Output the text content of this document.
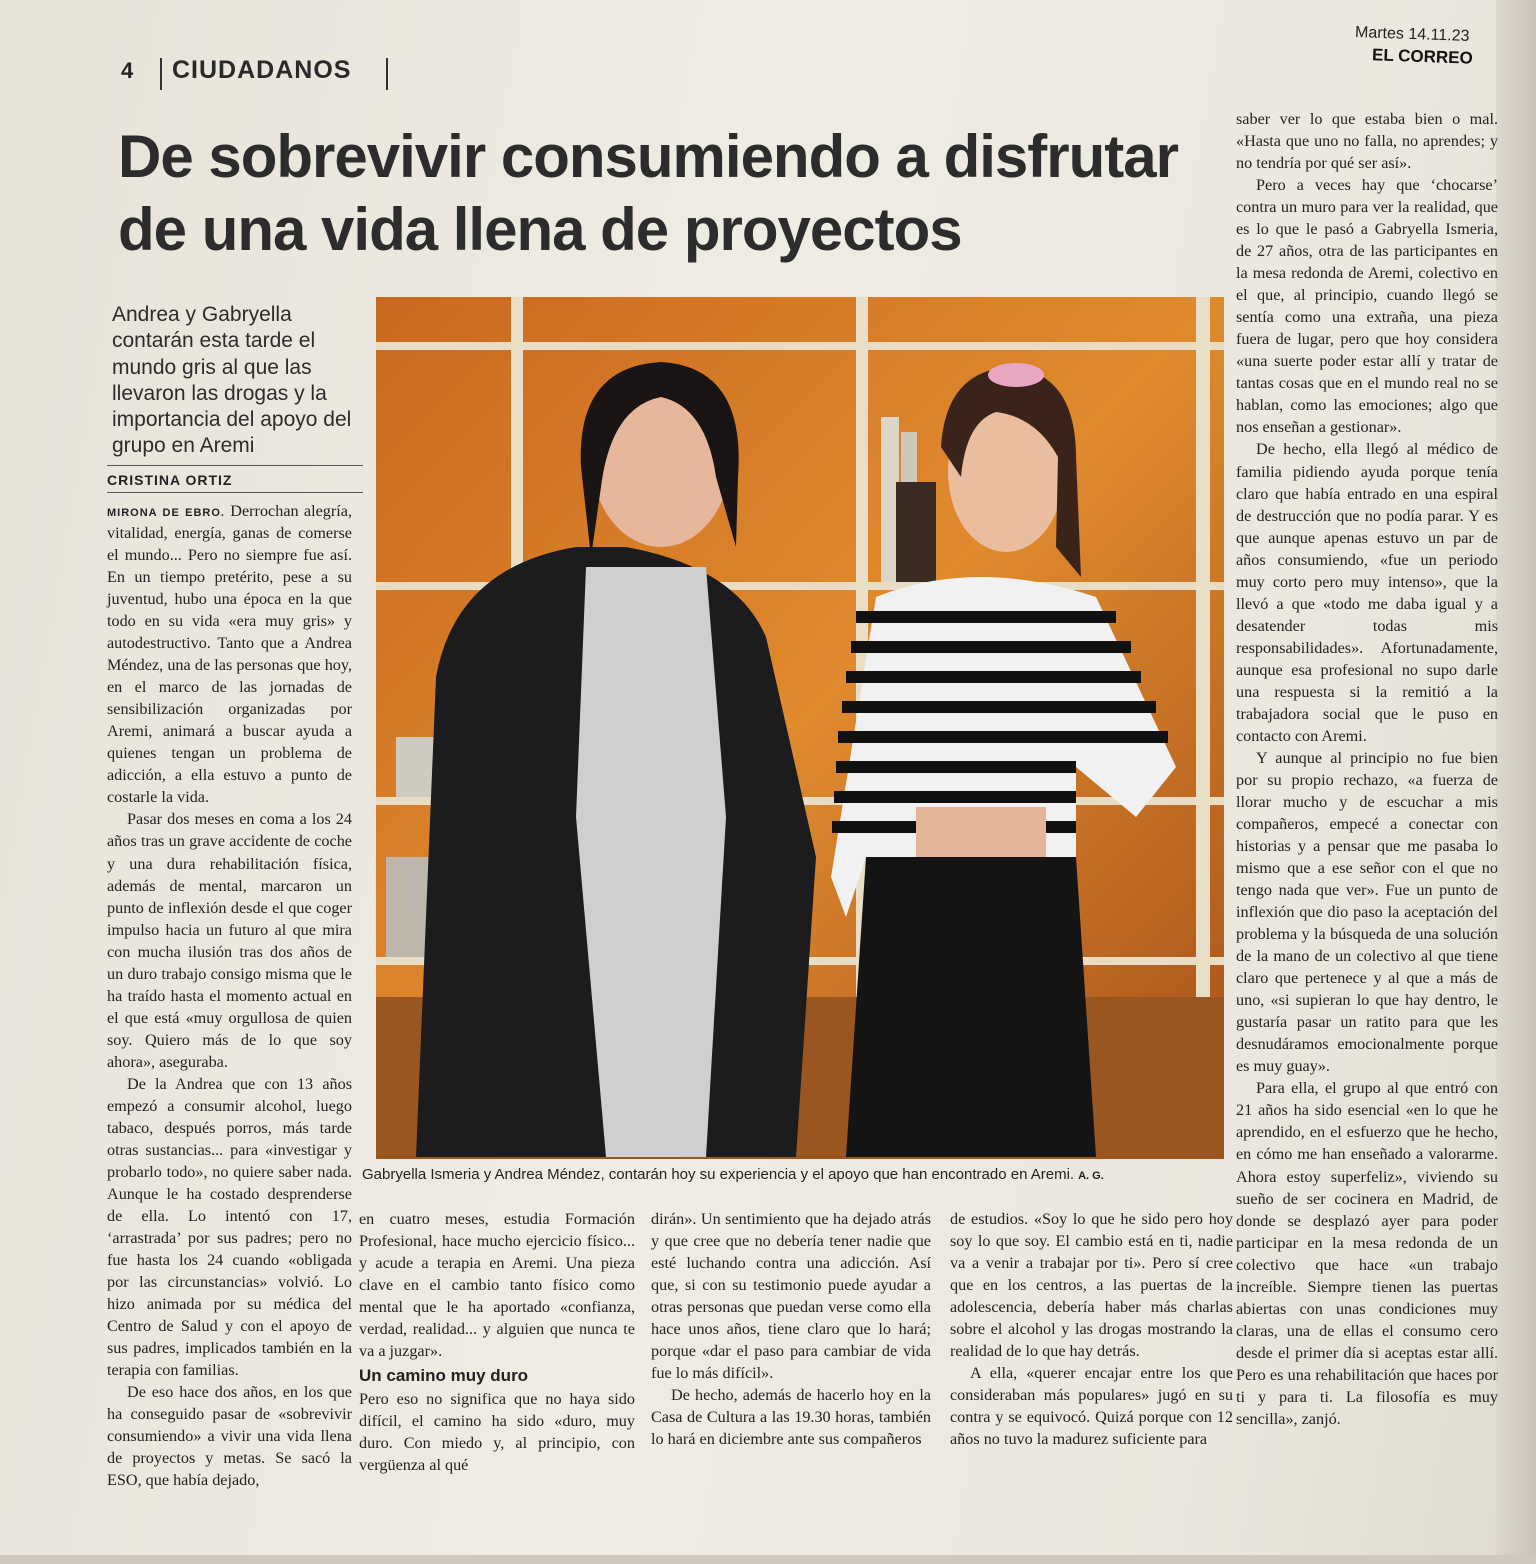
4 CIUDADANOS
Martes 14.11.23
EL CORREO
De sobrevivir consumiendo a disfrutar de una vida llena de proyectos

Andrea y Gabryella contarán esta tarde el mundo gris al que las llevaron las drogas y la importancia del apoyo del grupo en Aremi

CRISTINA ORTIZ

MIRONA DE EBRO. Derrochan alegría, vitalidad, energía, ganas de comerse el mundo... Pero no siempre fue así. En un tiempo pretérito, pese a su juventud, hubo una época en la que todo en su vida «era muy gris» y autodestructivo. Tanto que a Andrea Méndez, una de las personas que hoy, en el marco de las jornadas de sensibilización organizadas por Aremi, animará a buscar ayuda a quienes tengan un problema de adicción, a ella estuvo a punto de costarle la vida.

Pasar dos meses en coma a los 24 años tras un grave accidente de coche y una dura rehabilitación física, además de mental, marcaron un punto de inflexión desde el que coger impulso hacia un futuro al que mira con mucha ilusión tras dos años de un duro trabajo consigo misma que le ha traído hasta el momento actual en el que está «muy orgullosa de quien soy. Quiero más de lo que soy ahora», aseguraba.

De la Andrea que con 13 años empezó a consumir alcohol, luego tabaco, después porros, más tarde otras sustancias... para «investigar y probarlo todo», no quiere saber nada. Aunque le ha costado desprenderse de ella. Lo intentó con 17, ‘arrastrada’ por sus padres; pero no fue hasta los 24 cuando «obligada por las circunstancias» volvió. Lo hizo animada por su médica del Centro de Salud y con el apoyo de sus padres, implicados también en la terapia con familias.

De eso hace dos años, en los que ha conseguido pasar de «sobrevivir consumiendo» a vivir una vida llena de proyectos y metas. Se sacó la ESO, que había dejado,

Gabryella Ismeria y Andrea Méndez, contarán hoy su experiencia y el apoyo que han encontrado en Aremi. A. G.

en cuatro meses, estudia Formación Profesional, hace mucho ejercicio físico... y acude a terapia en Aremi. Una pieza clave en el cambio tanto físico como mental que le ha aportado «confianza, verdad, realidad... y alguien que nunca te va a juzgar».

Un camino muy duro

Pero eso no significa que no haya sido difícil, el camino ha sido «duro, muy duro. Con miedo y, al principio, con vergüenza al qué

dirán». Un sentimiento que ha dejado atrás y que cree que no debería tener nadie que esté luchando contra una adicción. Así que, si con su testimonio puede ayudar a otras personas que puedan verse como ella hace unos años, tiene claro que lo hará; porque «dar el paso para cambiar de vida fue lo más difícil».

De hecho, además de hacerlo hoy en la Casa de Cultura a las 19.30 horas, también lo hará en diciembre ante sus compañeros

de estudios. «Soy lo que he sido pero hoy soy lo que soy. El cambio está en ti, nadie va a venir a trabajar por ti». Pero sí cree que en los centros, a las puertas de la adolescencia, debería haber más charlas sobre el alcohol y las drogas mostrando la realidad de lo que hay detrás.

A ella, «querer encajar entre los que consideraban más populares» jugó en su contra y se equivocó. Quizá porque con 12 años no tuvo la madurez suficiente para

saber ver lo que estaba bien o mal. «Hasta que uno no falla, no aprendes; y no tendría por qué ser así».

Pero a veces hay que ‘chocarse’ contra un muro para ver la realidad, que es lo que le pasó a Gabryella Ismeria, de 27 años, otra de las participantes en la mesa redonda de Aremi, colectivo en el que, al principio, cuando llegó se sentía como una extraña, una pieza fuera de lugar, pero que hoy considera «una suerte poder estar allí y tratar de tantas cosas que en el mundo real no se hablan, como las emociones; algo que nos enseñan a gestionar».

De hecho, ella llegó al médico de familia pidiendo ayuda porque tenía claro que había entrado en una espiral de destrucción que no podía parar. Y es que aunque apenas estuvo un par de años consumiendo, «fue un periodo muy corto pero muy intenso», que la llevó a que «todo me daba igual y a desatender todas mis responsabilidades». Afortunadamente, aunque esa profesional no supo darle una respuesta si la remitió a la trabajadora social que le puso en contacto con Aremi.

Y aunque al principio no fue bien por su propio rechazo, «a fuerza de llorar mucho y de escuchar a mis compañeros, empecé a conectar con historias y a pensar que me pasaba lo mismo que a ese señor con el que no tengo nada que ver». Fue un punto de inflexión que dio paso la aceptación del problema y la búsqueda de una solución de la mano de un colectivo al que tiene claro que pertenece y al que a más de uno, «si supieran lo que hay dentro, le gustaría pasar un ratito para que les desnudáramos emocionalmente porque es muy guay».

Para ella, el grupo al que entró con 21 años ha sido esencial «en lo que he aprendido, en el esfuerzo que he hecho, en cómo me han enseñado a valorarme. Ahora estoy superfeliz», viviendo su sueño de ser cocinera en Madrid, de donde se desplazó ayer para poder participar en la mesa redonda de un colectivo que hace «un trabajo increíble. Siempre tienen las puertas abiertas con unas condiciones muy claras, una de ellas el consumo cero desde el primer día si aceptas estar allí. Pero es una rehabilitación que haces por ti y para ti. La filosofía es muy sencilla», zanjó.
